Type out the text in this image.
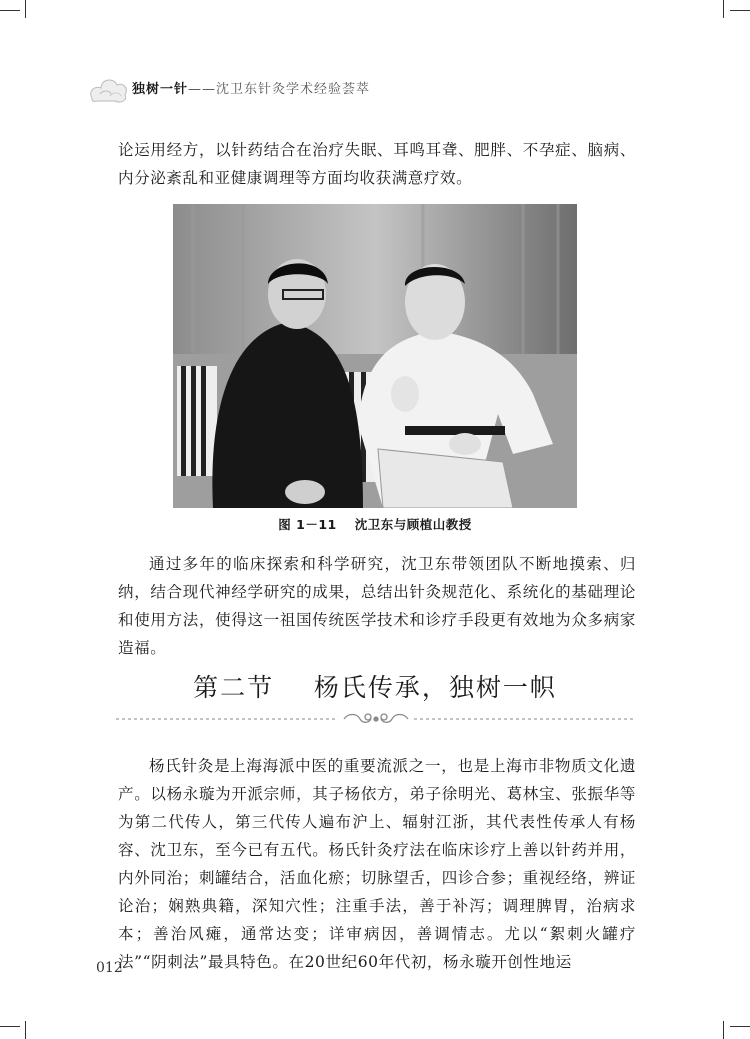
独树一针——沈卫东针灸学术经验荟萃

论运用经方，以针药结合在治疗失眠、耳鸣耳聋、肥胖、不孕症、脑病、内分泌紊乱和亚健康调理等方面均收获满意疗效。

图 1－11 沈卫东与顾植山教授

通过多年的临床探索和科学研究，沈卫东带领团队不断地摸索、归纳，结合现代神经学研究的成果，总结出针灸规范化、系统化的基础理论和使用方法，使得这一祖国传统医学技术和诊疗手段更有效地为众多病家造福。

第二节 杨氏传承，独树一帜

杨氏针灸是上海海派中医的重要流派之一，也是上海市非物质文化遗产。以杨永璇为开派宗师，其子杨依方，弟子徐明光、葛林宝、张振华等为第二代传人，第三代传人遍布沪上、辐射江浙，其代表性传承人有杨容、沈卫东，至今已有五代。杨氏针灸疗法在临床诊疗上善以针药并用，内外同治；刺罐结合，活血化瘀；切脉望舌，四诊合参；重视经络，辨证论治；娴熟典籍，深知穴性；注重手法，善于补泻；调理脾胃，治病求本；善治风瘫，通常达变；详审病因，善调情志。尤以“絮刺火罐疗法”“阴刺法”最具特色。在20世纪60年代初，杨永璇开创性地运

012
